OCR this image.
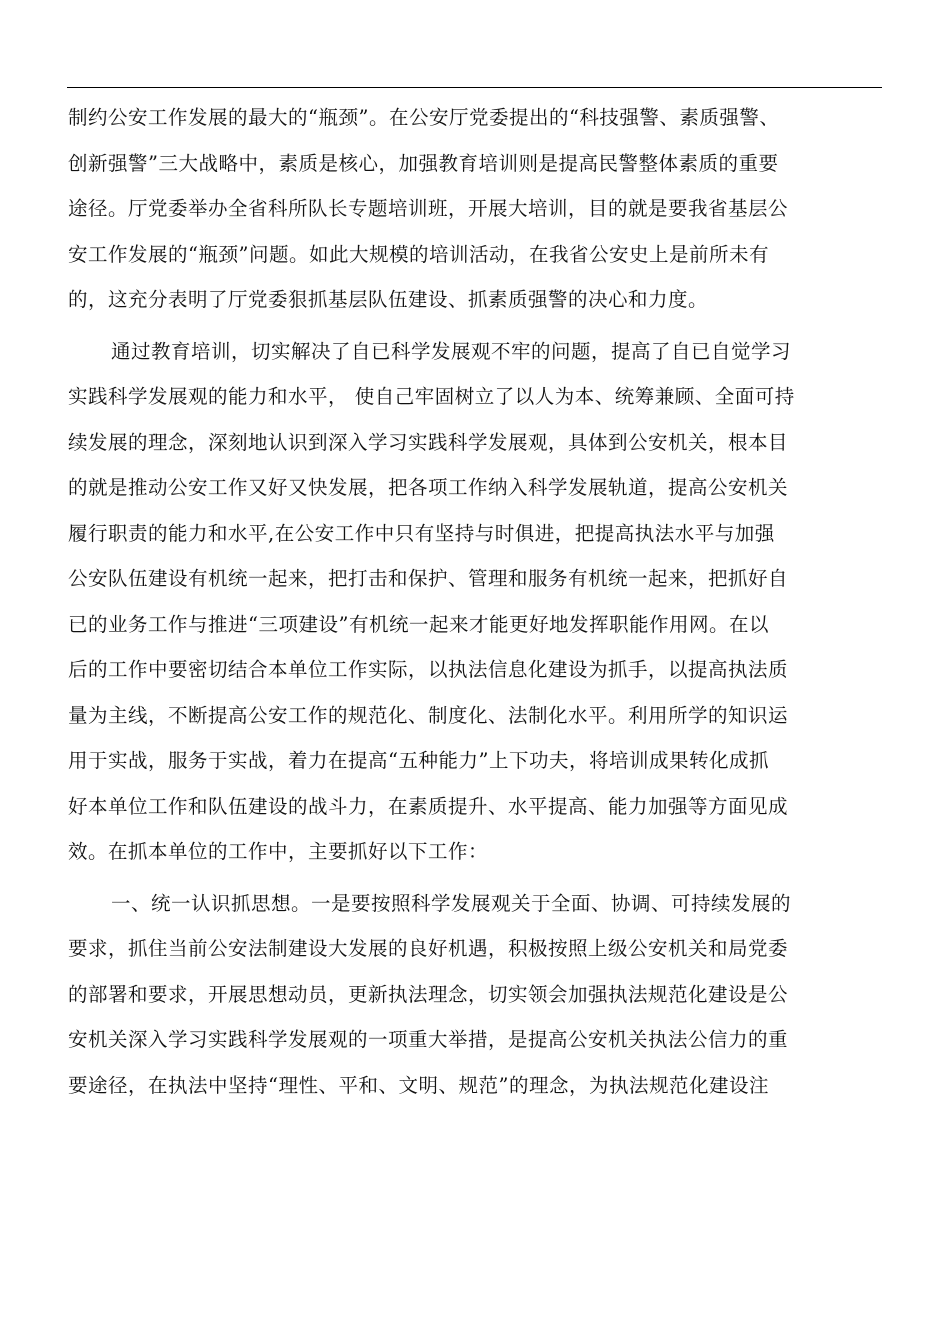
制约公安工作发展的最大的“瓶颈”。在公安厅党委提出的“科技强警、素质强警、
创新强警”三大战略中，素质是核心，加强教育培训则是提高民警整体素质的重要
途径。厅党委举办全省科所队长专题培训班，开展大培训，目的就是要我省基层公
安工作发展的“瓶颈”问题。如此大规模的培训活动，在我省公安史上是前所未有
的，这充分表明了厅党委狠抓基层队伍建设、抓素质强警的决心和力度。
通过教育培训，切实解决了自已科学发展观不牢的问题，提高了自已自觉学习
实践科学发展观的能力和水平， 使自己牢固树立了以人为本、统筹兼顾、全面可持
续发展的理念，深刻地认识到深入学习实践科学发展观，具体到公安机关，根本目
的就是推动公安工作又好又快发展，把各项工作纳入科学发展轨道，提高公安机关
履行职责的能力和水平,在公安工作中只有坚持与时俱进，把提高执法水平与加强
公安队伍建设有机统一起来，把打击和保护、管理和服务有机统一起来，把抓好自
已的业务工作与推进“三项建设”有机统一起来才能更好地发挥职能作用网。在以
后的工作中要密切结合本单位工作实际，以执法信息化建设为抓手，以提高执法质
量为主线，不断提高公安工作的规范化、制度化、法制化水平。利用所学的知识运
用于实战，服务于实战，着力在提高“五种能力”上下功夫，将培训成果转化成抓
好本单位工作和队伍建设的战斗力，在素质提升、水平提高、能力加强等方面见成
效。在抓本单位的工作中，主要抓好以下工作：
一、统一认识抓思想。一是要按照科学发展观关于全面、协调、可持续发展的
要求，抓住当前公安法制建设大发展的良好机遇，积极按照上级公安机关和局党委
的部署和要求，开展思想动员，更新执法理念，切实领会加强执法规范化建设是公
安机关深入学习实践科学发展观的一项重大举措，是提高公安机关执法公信力的重
要途径，在执法中坚持“理性、平和、文明、规范”的理念，为执法规范化建设注
